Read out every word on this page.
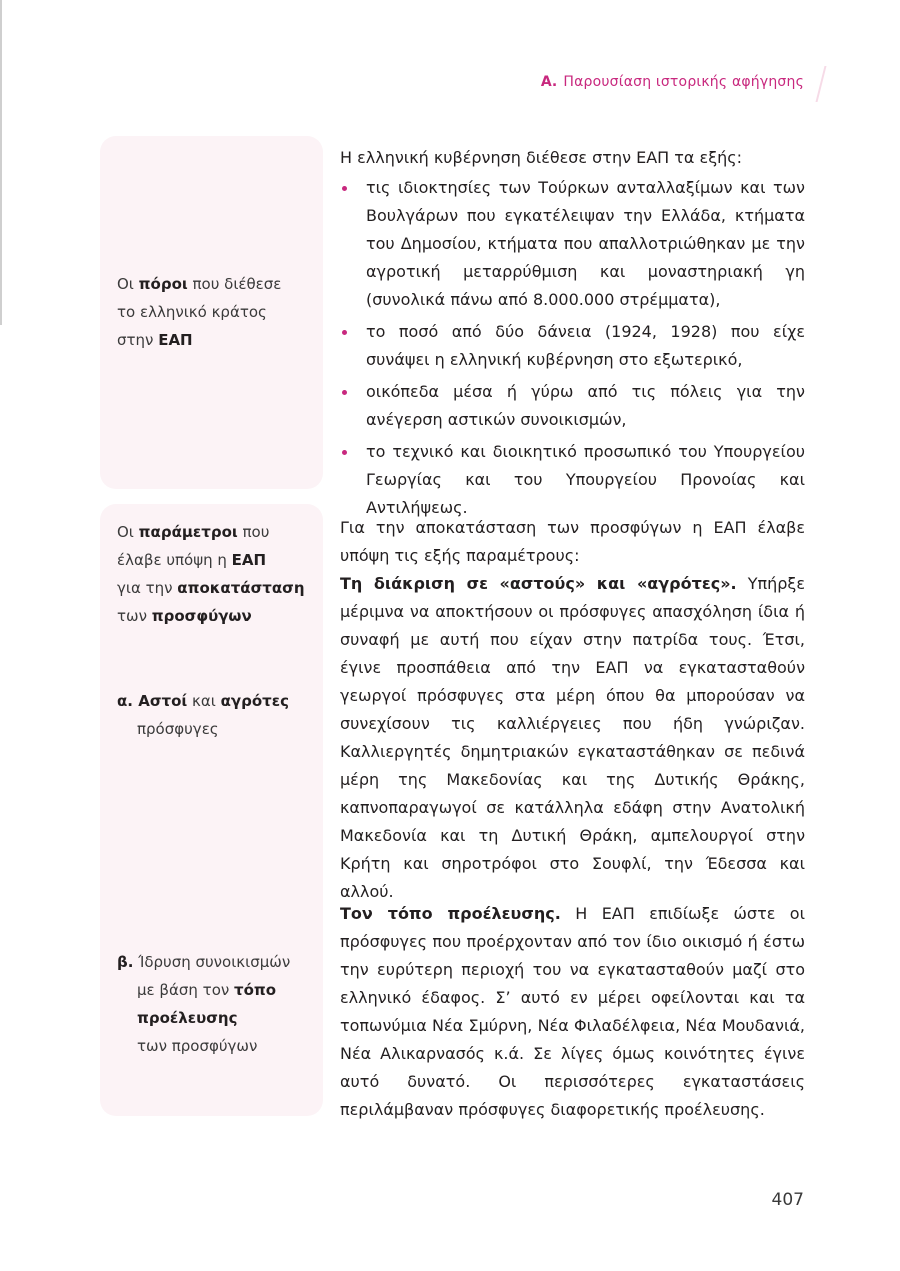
Α. Παρουσίαση ιστορικής αφήγησης
Οι πόροι που διέθεσε
το ελληνικό κράτος
στην ΕΑΠ
Οι παράμετροι που
έλαβε υπόψη η ΕΑΠ
για την αποκατάσταση
των προσφύγων
α. Αστοί και αγρότες
πρόσφυγες
β. Ίδρυση συνοικισμών
με βάση τον τόπο
προέλευσης
των προσφύγων

Η ελληνική κυβέρνηση διέθεσε στην ΕΑΠ τα εξής:

τις ιδιοκτησίες των Τούρκων ανταλλαξίμων και των Βουλγάρων που εγκατέλειψαν την Ελλάδα, κτήματα του Δημοσίου, κτήματα που απαλλοτριώθηκαν με την αγροτική μεταρρύθμιση και μοναστηριακή γη (συνολικά πάνω από 8.000.000 στρέμματα),
το ποσό από δύο δάνεια (1924, 1928) που είχε συνάψει η ελληνική κυβέρνηση στο εξωτερικό,
οικόπεδα μέσα ή γύρω από τις πόλεις για την ανέγερση αστικών συνοικισμών,
το τεχνικό και διοικητικό προσωπικό του Υπουργείου Γεωργίας και του Υπουργείου Προνοίας και Αντιλήψεως.

Για την αποκατάσταση των προσφύγων η ΕΑΠ έλαβε υπόψη τις εξής παραμέτρους:

Τη διάκριση σε «αστούς» και «αγρότες». Υπήρξε μέριμνα να αποκτήσουν οι πρόσφυγες απασχόληση ίδια ή συναφή με αυτή που είχαν στην πατρίδα τους. Έτσι, έγινε προσπάθεια από την ΕΑΠ να εγκατασταθούν γεωργοί πρόσφυγες στα μέρη όπου θα μπορούσαν να συνεχίσουν τις καλλιέργειες που ήδη γνώριζαν. Καλλιεργητές δημητριακών εγκαταστάθηκαν σε πεδινά μέρη της Μακεδονίας και της Δυτικής Θράκης, καπνοπαραγωγοί σε κατάλληλα εδάφη στην Ανατολική Μακεδονία και τη Δυτική Θράκη, αμπελουργοί στην Κρήτη και σηροτρόφοι στο Σουφλί, την Έδεσσα και αλλού.

Τον τόπο προέλευσης. Η ΕΑΠ επιδίωξε ώστε οι πρόσφυγες που προέρχονταν από τον ίδιο οικισμό ή έστω την ευρύτερη περιοχή του να εγκατασταθούν μαζί στο ελληνικό έδαφος. Σ’ αυτό εν μέρει οφείλονται και τα τοπωνύμια Νέα Σμύρνη, Νέα Φιλαδέλφεια, Νέα Μουδανιά, Νέα Αλικαρνασός κ.ά. Σε λίγες όμως κοινότητες έγινε αυτό δυνατό. Οι περισσότερες εγκαταστάσεις περιλάμβαναν πρόσφυγες διαφορετικής προέλευσης.

407
